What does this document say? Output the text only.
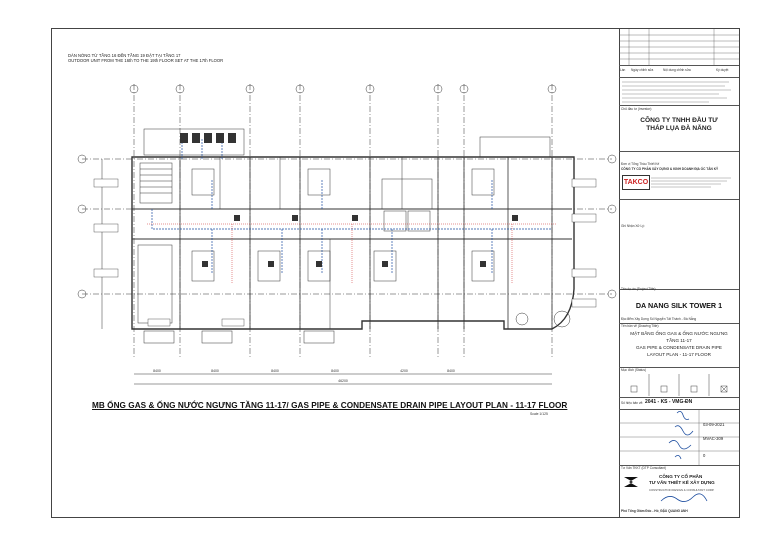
DÀN NÓNG TỪ TẦNG 16 ĐẾN TẦNG 19 ĐẶT TẠI TẦNG 17
OUTDOOR UNIT FROM THE 16th TO THE 19th FLOOR SET AT THE 17th FLOOR
8400	8400	8400	8400	4200	8400
46200
MB ỐNG GAS & ỐNG NƯỚC NGƯNG TẦNG 11-17/ GAS PIPE & CONDENSATE DRAIN PIPE LAYOUT PLAN - 11-17 FLOOR
Scale 1/125
Lần Ngày chỉnh sửa	Nội dung chỉnh sửa	Ký duyệt
Chủ đầu tư (Investor):
CÔNG TY TNHH ĐẦU TƯ
THÁP LỤA ĐÀ NẴNG
Đơn vị Tổng Thầu Thiết Kế
CÔNG TY CỔ PHẦN XÂY DỰNG & KINH DOANH ĐỊA ỐC TÂN KỶ
TAKCO
Ghi Nhận Xử Lý:
Tên dự án (Project Title):
DA NANG SILK TOWER 1
Địa điểm Xây Dựng Số Nguyễn Tất Thành - Đà Nẵng
Tên bản vẽ (Drawing Title):
MẶT BẰNG ỐNG GAS & ỐNG NƯỚC NGƯNG
TẦNG 11-17
GAS PIPE & CONDENSATE DRAIN PIPE
LAYOUT PLAN - 11-17 FLOOR
Mục đích (Status)
Số hiệu bản vẽ: 2041 - KS - VMG-ĐN
03-09-2021
MVAC-309
0
Tư Vấn TKKT (DTP Consultant)
CÔNG TY CỔ PHẦN
TƯ VẤN THIẾT KẾ XÂY DỰNG
CONSTRUCTION DESIGN & CONSULTANT CORP.
Phó Tổng Giám Đốc - Hồ_ĐẶU QUANG ANH
